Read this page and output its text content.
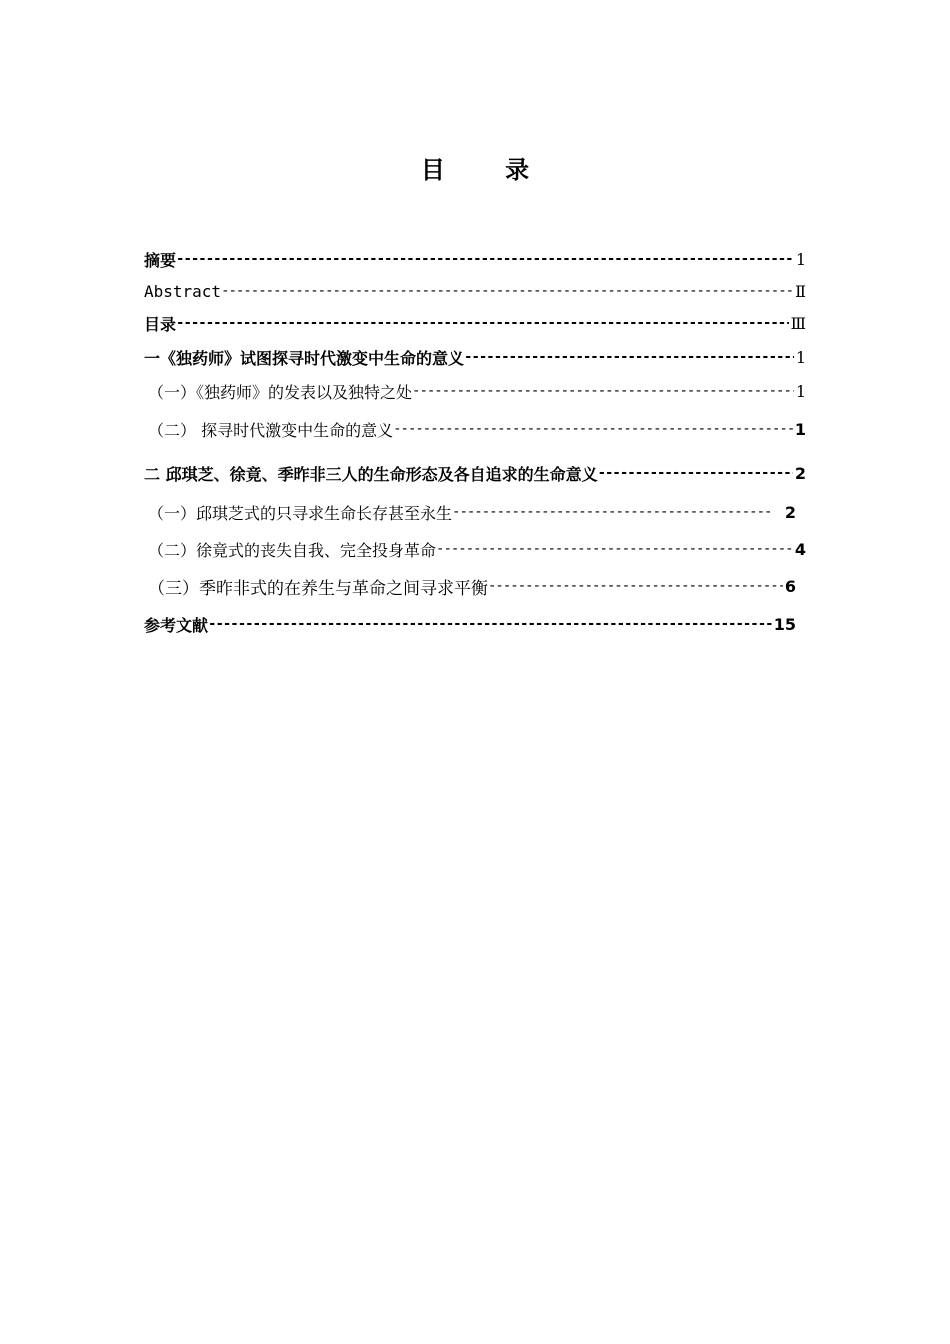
目 录
摘要 -----	1
Abstract -----	Ⅱ
目录 -----	Ⅲ
一《独药师》试图探寻时代激变中生命的意义 -----	1
（一）《独药师》的发表以及独特之处 -----	1
（二） 探寻时代激变中生命的意义 -----	1
二 邱琪芝、徐竟、季昨非三人的生命形态及各自追求的生命意义 -----	2
（一）邱琪芝式的只寻求生命长存甚至永生 -----	2
（二）徐竟式的丧失自我、完全投身革命 -----	4
（三）季昨非式的在养生与革命之间寻求平衡 -----	6
参考文献 -----	15
